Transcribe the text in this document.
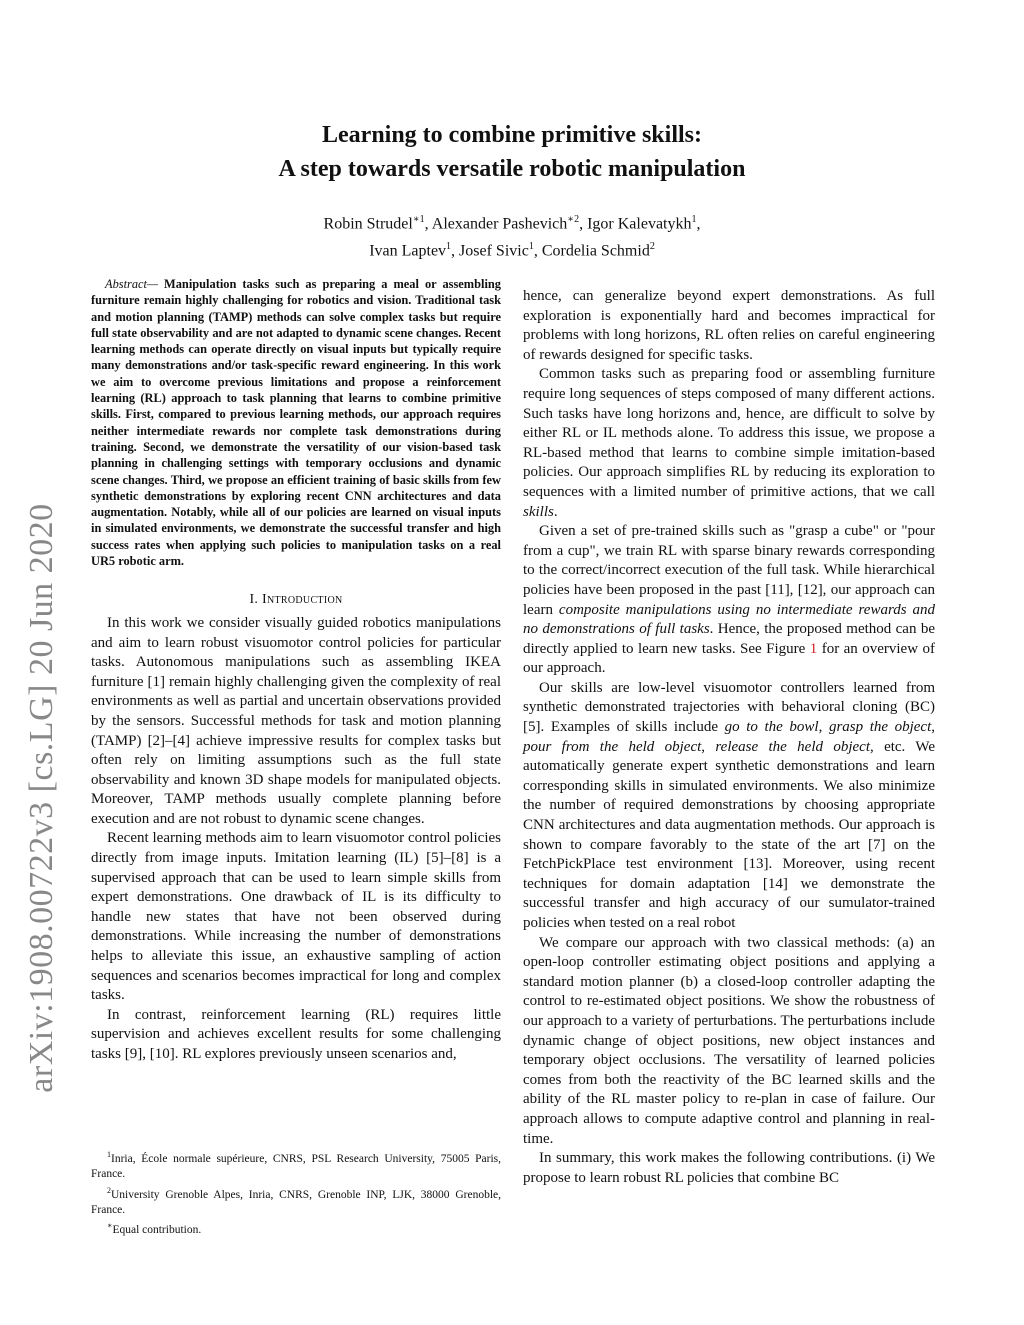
arXiv:1908.00722v3 [cs.LG] 20 Jun 2020
Learning to combine primitive skills:
A step towards versatile robotic manipulation
Robin Strudel$^{∗1}$, Alexander Pashevich$^{∗2}$, Igor Kalevatykh$^1$,
Ivan Laptev$^1$, Josef Sivic$^1$, Cordelia Schmid$^2$
Abstract— Manipulation tasks such as preparing a meal or assembling furniture remain highly challenging for robotics and vision. Traditional task and motion planning (TAMP) methods can solve complex tasks but require full state observability and are not adapted to dynamic scene changes. Recent learning methods can operate directly on visual inputs but typically require many demonstrations and/or task-specific reward engineering. In this work we aim to overcome previous limitations and propose a reinforcement learning (RL) approach to task planning that learns to combine primitive skills. First, compared to previous learning methods, our approach requires neither intermediate rewards nor complete task demonstrations during training. Second, we demonstrate the versatility of our vision-based task planning in challenging settings with temporary occlusions and dynamic scene changes. Third, we propose an efficient training of basic skills from few synthetic demonstrations by exploring recent CNN architectures and data augmentation. Notably, while all of our policies are learned on visual inputs in simulated environments, we demonstrate the successful transfer and high success rates when applying such policies to manipulation tasks on a real UR5 robotic arm.
I. Introduction

In this work we consider visually guided robotics manipulations and aim to learn robust visuomotor control policies for particular tasks. Autonomous manipulations such as assembling IKEA furniture [1] remain highly challenging given the complexity of real environments as well as partial and uncertain observations provided by the sensors. Successful methods for task and motion planning (TAMP) [2]–[4] achieve impressive results for complex tasks but often rely on limiting assumptions such as the full state observability and known 3D shape models for manipulated objects. Moreover, TAMP methods usually complete planning before execution and are not robust to dynamic scene changes.

Recent learning methods aim to learn visuomotor control policies directly from image inputs. Imitation learning (IL) [5]–[8] is a supervised approach that can be used to learn simple skills from expert demonstrations. One drawback of IL is its difficulty to handle new states that have not been observed during demonstrations. While increasing the number of demonstrations helps to alleviate this issue, an exhaustive sampling of action sequences and scenarios becomes impractical for long and complex tasks.

In contrast, reinforcement learning (RL) requires little supervision and achieves excellent results for some challenging tasks [9], [10]. RL explores previously unseen scenarios and,

$^1$Inria, École normale supérieure, CNRS, PSL Research University, 75005 Paris, France.

$^2$University Grenoble Alpes, Inria, CNRS, Grenoble INP, LJK, 38000 Grenoble, France.

∗Equal contribution.

hence, can generalize beyond expert demonstrations. As full exploration is exponentially hard and becomes impractical for problems with long horizons, RL often relies on careful engineering of rewards designed for specific tasks.

Common tasks such as preparing food or assembling furniture require long sequences of steps composed of many different actions. Such tasks have long horizons and, hence, are difficult to solve by either RL or IL methods alone. To address this issue, we propose a RL-based method that learns to combine simple imitation-based policies. Our approach simplifies RL by reducing its exploration to sequences with a limited number of primitive actions, that we call skills.

Given a set of pre-trained skills such as "grasp a cube" or "pour from a cup", we train RL with sparse binary rewards corresponding to the correct/incorrect execution of the full task. While hierarchical policies have been proposed in the past [11], [12], our approach can learn composite manipulations using no intermediate rewards and no demonstrations of full tasks. Hence, the proposed method can be directly applied to learn new tasks. See Figure 1 for an overview of our approach.

Our skills are low-level visuomotor controllers learned from synthetic demonstrated trajectories with behavioral cloning (BC) [5]. Examples of skills include go to the bowl, grasp the object, pour from the held object, release the held object, etc. We automatically generate expert synthetic demonstrations and learn corresponding skills in simulated environments. We also minimize the number of required demonstrations by choosing appropriate CNN architectures and data augmentation methods. Our approach is shown to compare favorably to the state of the art [7] on the FetchPickPlace test environment [13]. Moreover, using recent techniques for domain adaptation [14] we demonstrate the successful transfer and high accuracy of our sumulator-trained policies when tested on a real robot

We compare our approach with two classical methods: (a) an open-loop controller estimating object positions and applying a standard motion planner (b) a closed-loop controller adapting the control to re-estimated object positions. We show the robustness of our approach to a variety of perturbations. The perturbations include dynamic change of object positions, new object instances and temporary object occlusions. The versatility of learned policies comes from both the reactivity of the BC learned skills and the ability of the RL master policy to re-plan in case of failure. Our approach allows to compute adaptive control and planning in real-time.

In summary, this work makes the following contributions. (i) We propose to learn robust RL policies that combine BC
